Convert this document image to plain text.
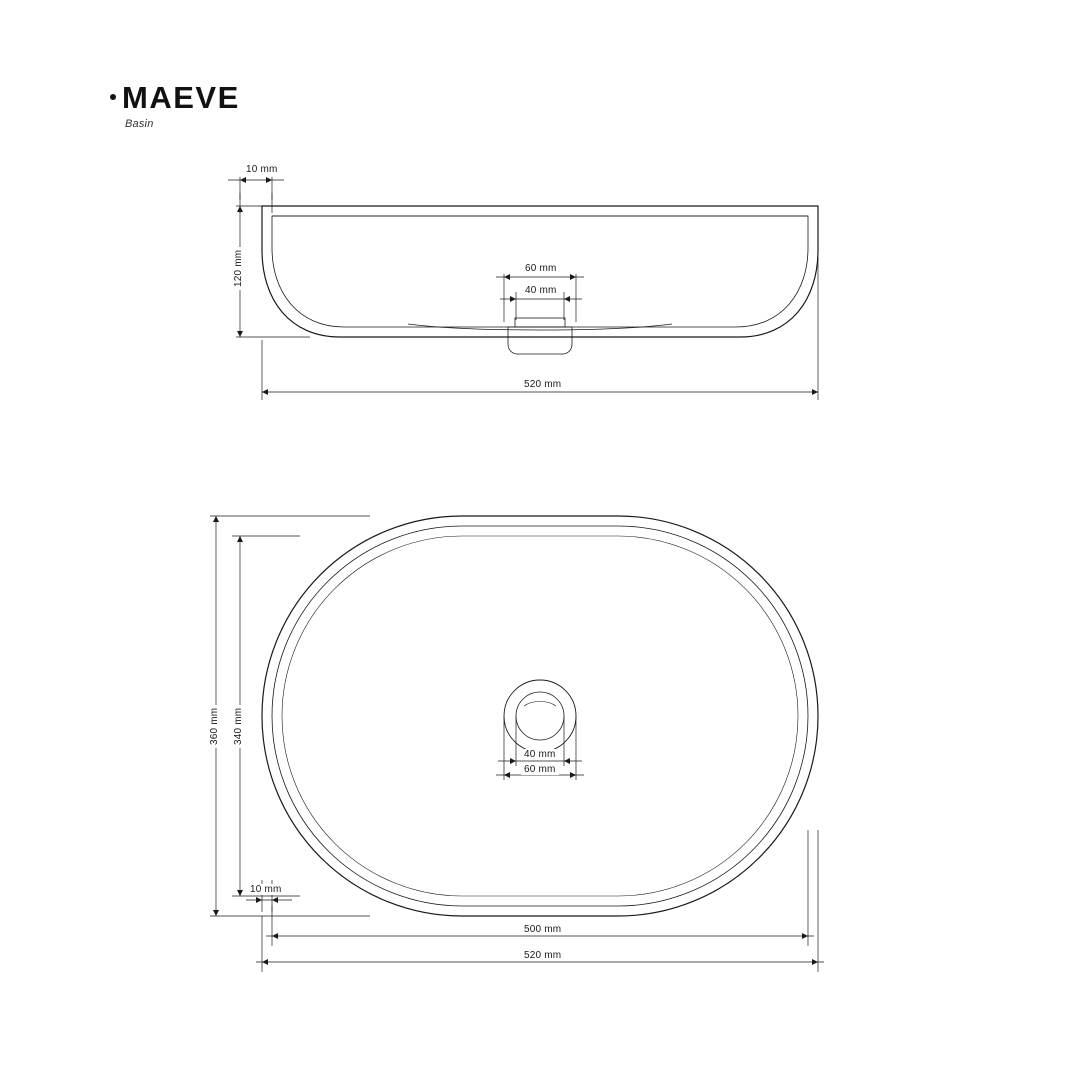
MAEVE
Basin
10 mm
120 mm	60 mm
40 mm
520 mm
360 mm 340 mm
40 mm
60 mm
10 mm
500 mm
520 mm
